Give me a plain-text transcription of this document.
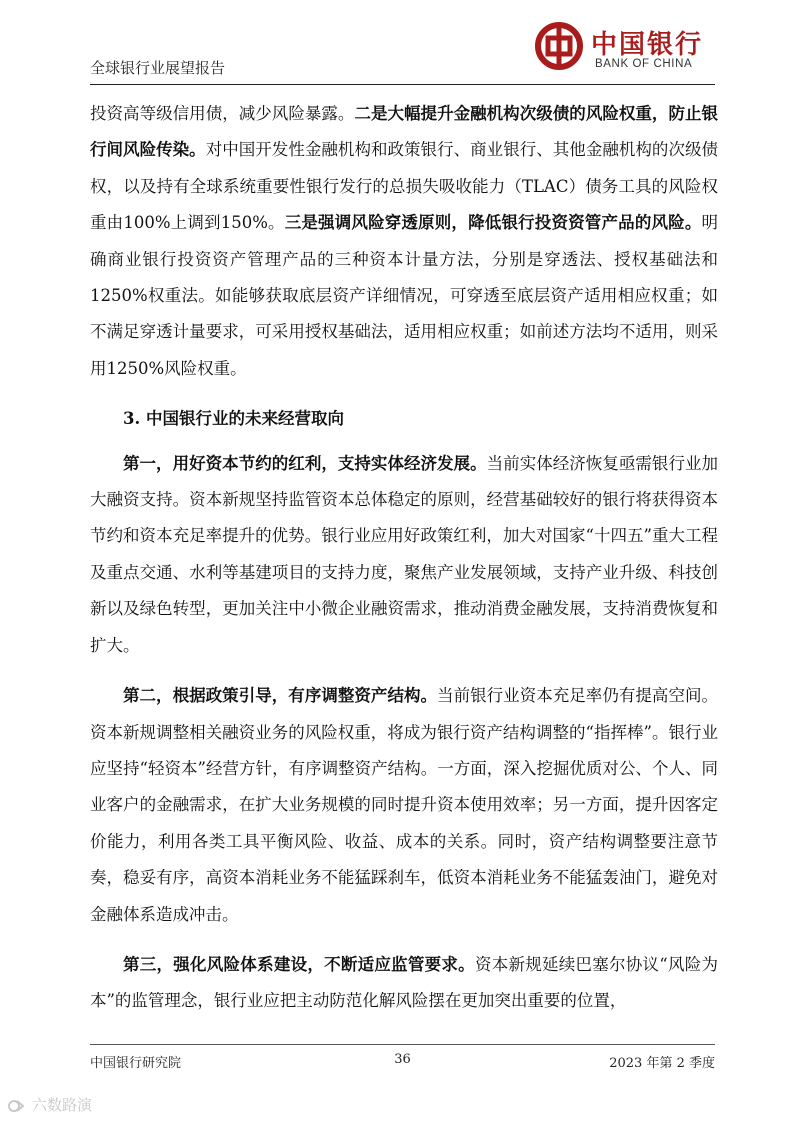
全球银行业展望报告
中国银行
BANK OF CHINA

投资高等级信用债，减少风险暴露。二是大幅提升金融机构次级债的风险权重，防止银行间风险传染。对中国开发性金融机构和政策银行、商业银行、其他金融机构的次级债权，以及持有全球系统重要性银行发行的总损失吸收能力（TLAC）债务工具的风险权重由100%上调到150%。三是强调风险穿透原则，降低银行投资资管产品的风险。明确商业银行投资资产管理产品的三种资本计量方法，分别是穿透法、授权基础法和1250%权重法。如能够获取底层资产详细情况，可穿透至底层资产适用相应权重；如不满足穿透计量要求，可采用授权基础法，适用相应权重；如前述方法均不适用，则采用1250%风险权重。

3. 中国银行业的未来经营取向

第一，用好资本节约的红利，支持实体经济发展。当前实体经济恢复亟需银行业加大融资支持。资本新规坚持监管资本总体稳定的原则，经营基础较好的银行将获得资本节约和资本充足率提升的优势。银行业应用好政策红利，加大对国家“十四五”重大工程及重点交通、水利等基建项目的支持力度，聚焦产业发展领域，支持产业升级、科技创新以及绿色转型，更加关注中小微企业融资需求，推动消费金融发展，支持消费恢复和扩大。

第二，根据政策引导，有序调整资产结构。当前银行业资本充足率仍有提高空间。资本新规调整相关融资业务的风险权重，将成为银行资产结构调整的“指挥棒”。银行业应坚持“轻资本”经营方针，有序调整资产结构。一方面，深入挖掘优质对公、个人、同业客户的金融需求，在扩大业务规模的同时提升资本使用效率；另一方面，提升因客定价能力，利用各类工具平衡风险、收益、成本的关系。同时，资产结构调整要注意节奏，稳妥有序，高资本消耗业务不能猛踩刹车，低资本消耗业务不能猛轰油门，避免对金融体系造成冲击。

第三，强化风险体系建设，不断适应监管要求。资本新规延续巴塞尔协议“风险为本”的监管理念，银行业应把主动防范化解风险摆在更加突出重要的位置，

中国银行研究院	36	2023 年第 2 季度
六数路演
